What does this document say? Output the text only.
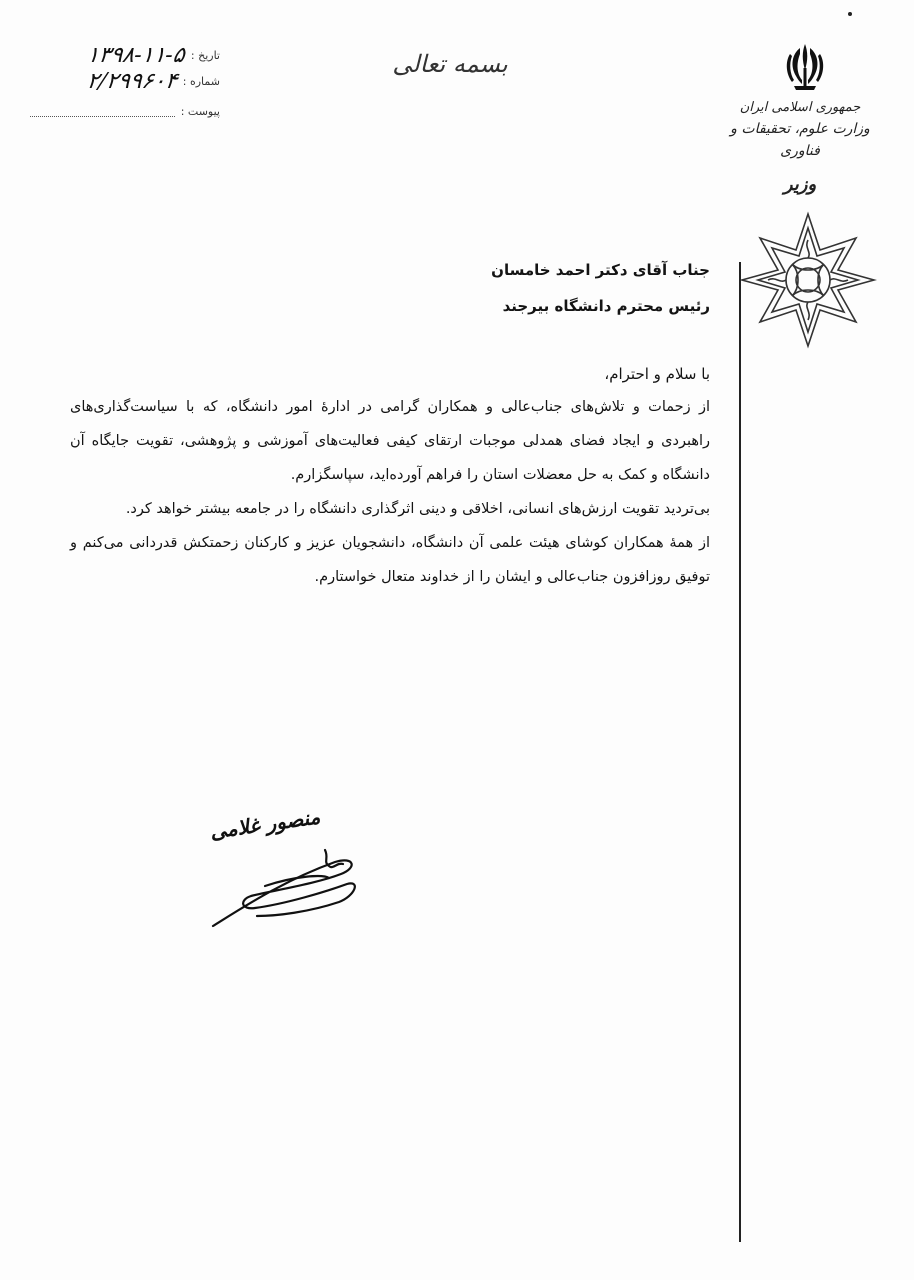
تاریخ :
۱۳۹۸-۱۱-۵
شماره :
۲/۲۹۹۶۰۴
پیوست :
بسمه تعالی
جمهوری اسلامی ایران
وزارت علوم، تحقیقات و فناوری
وزیر
جناب آقای دکتر احمد خامسان
رئیس محترم دانشگاه بیرجند
با سلام و احترام،

از زحمات و تلاش‌های جناب‌عالی و همکاران گرامی در ادارۀ امور دانشگاه، که با سیاست‌گذاری‌های راهبردی و ایجاد فضای همدلی موجبات ارتقای کیفی فعالیت‌های آموزشی و پژوهشی، تقویت جایگاه آن دانشگاه و کمک به حل معضلات استان را فراهم آورده‌اید، سپاسگزارم.

بی‌تردید تقویت ارزش‌های انسانی، اخلاقی و دینی اثرگذاری دانشگاه را در جامعه بیشتر خواهد کرد.

از همۀ همکاران کوشای هیئت علمی آن دانشگاه، دانشجویان عزیز و کارکنان زحمتکش قدردانی می‌کنم و توفیق روزافزون جناب‌عالی و ایشان را از خداوند متعال خواستارم.

منصور غلامی
